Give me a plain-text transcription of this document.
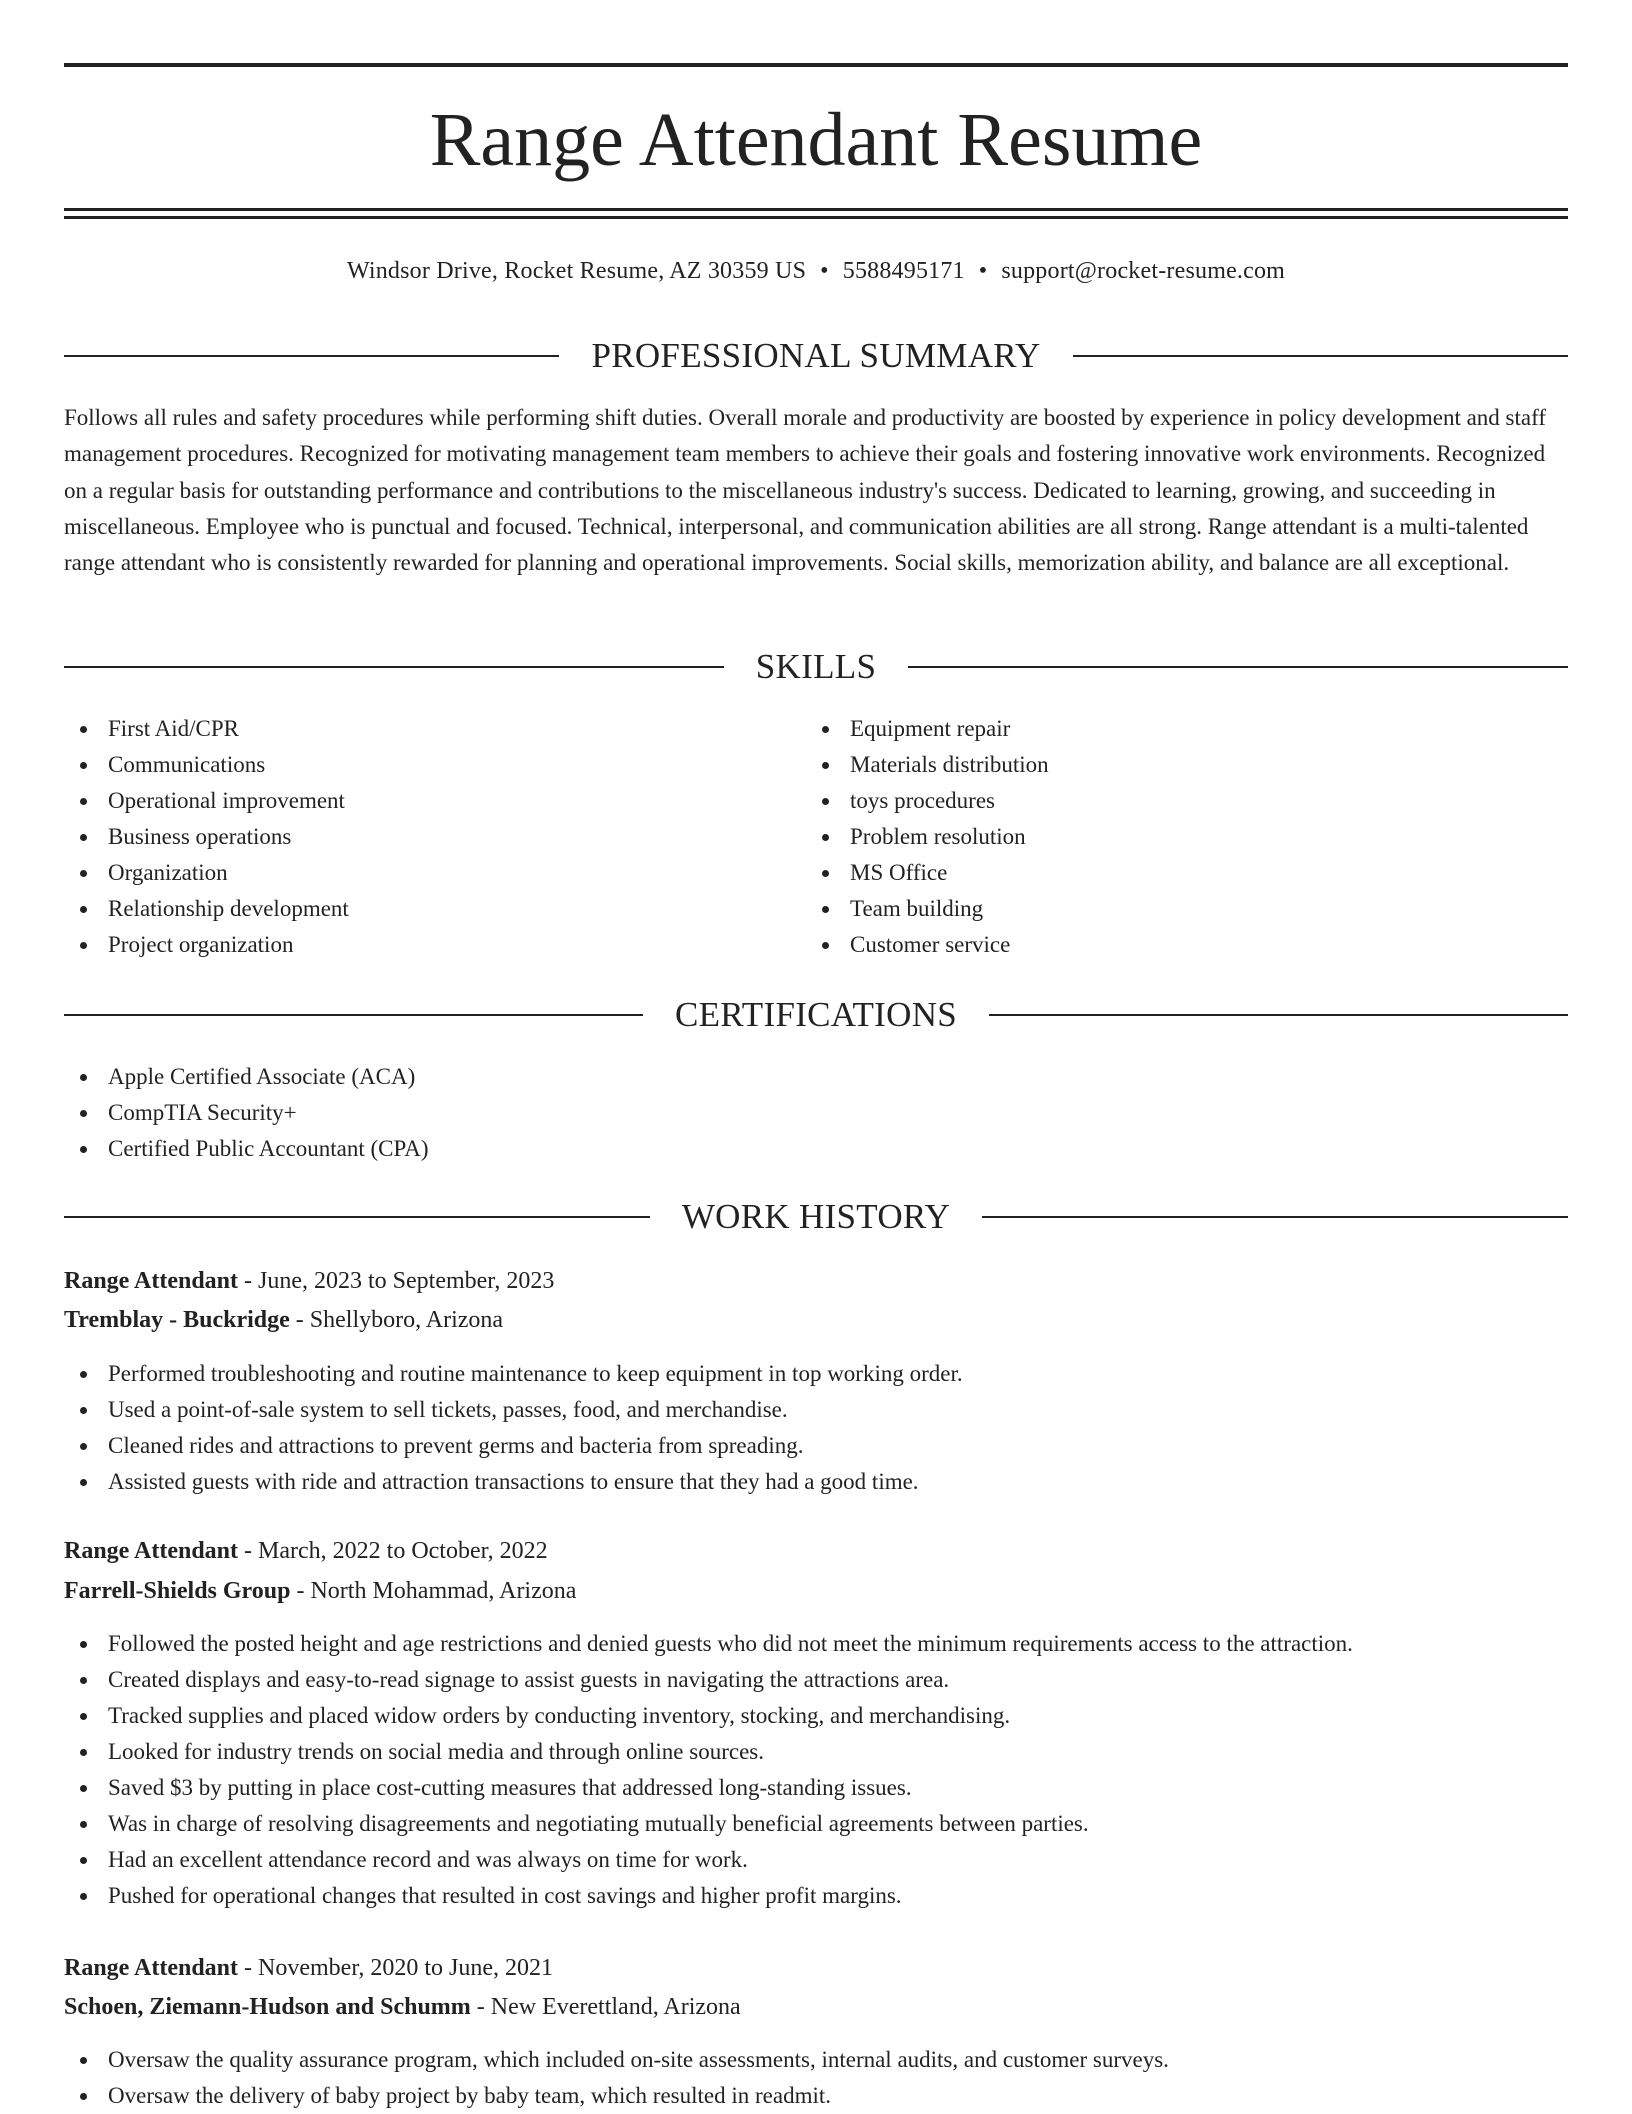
Range Attendant Resume
Windsor Drive, Rocket Resume, AZ 30359 US • 5588495171 • support@rocket-resume.com
PROFESSIONAL SUMMARY

Follows all rules and safety procedures while performing shift duties. Overall morale and productivity are boosted by experience in policy development and staff management procedures. Recognized for motivating management team members to achieve their goals and fostering innovative work environments. Recognized on a regular basis for outstanding performance and contributions to the miscellaneous industry's success. Dedicated to learning, growing, and succeeding in miscellaneous. Employee who is punctual and focused. Technical, interpersonal, and communication abilities are all strong. Range attendant is a multi-talented range attendant who is consistently rewarded for planning and operational improvements. Social skills, memorization ability, and balance are all exceptional.

SKILLS
First Aid/CPR
Communications
Operational improvement
Business operations
Organization
Relationship development
Project organization
Equipment repair
Materials distribution
toys procedures
Problem resolution
MS Office
Team building
Customer service
CERTIFICATIONS
Apple Certified Associate (ACA)
CompTIA Security+
Certified Public Accountant (CPA)
WORK HISTORY
Range Attendant - June, 2023 to September, 2023
Tremblay - Buckridge - Shellyboro, Arizona
Performed troubleshooting and routine maintenance to keep equipment in top working order.
Used a point-of-sale system to sell tickets, passes, food, and merchandise.
Cleaned rides and attractions to prevent germs and bacteria from spreading.
Assisted guests with ride and attraction transactions to ensure that they had a good time.
Range Attendant - March, 2022 to October, 2022
Farrell-Shields Group - North Mohammad, Arizona
Followed the posted height and age restrictions and denied guests who did not meet the minimum requirements access to the attraction.
Created displays and easy-to-read signage to assist guests in navigating the attractions area.
Tracked supplies and placed widow orders by conducting inventory, stocking, and merchandising.
Looked for industry trends on social media and through online sources.
Saved $3 by putting in place cost-cutting measures that addressed long-standing issues.
Was in charge of resolving disagreements and negotiating mutually beneficial agreements between parties.
Had an excellent attendance record and was always on time for work.
Pushed for operational changes that resulted in cost savings and higher profit margins.
Range Attendant - November, 2020 to June, 2021
Schoen, Ziemann-Hudson and Schumm - New Everettland, Arizona
Oversaw the quality assurance program, which included on-site assessments, internal audits, and customer surveys.
Oversaw the delivery of baby project by baby team, which resulted in readmit.
